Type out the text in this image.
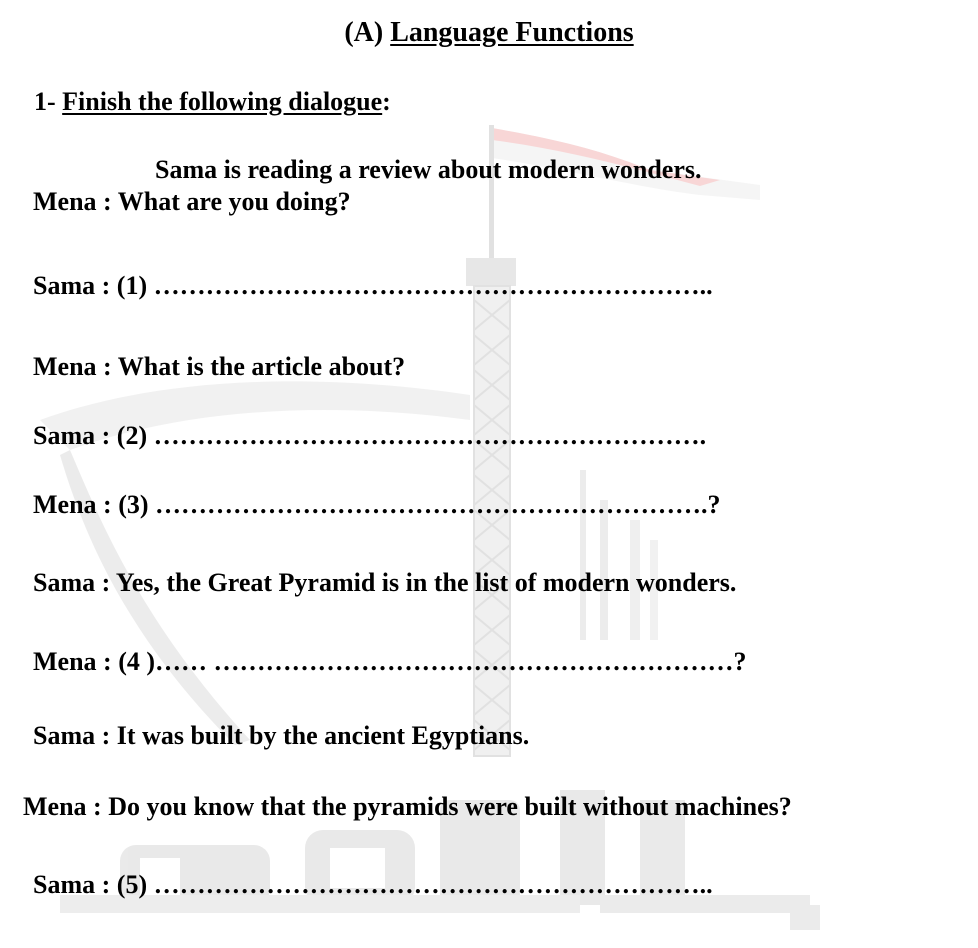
(A) Language Functions
1- Finish the following dialogue:
Sama is reading a review about modern wonders.
Mena : What are you doing?
Sama : (1) ………………………………………………………..
Mena : What is the article about?
Sama : (2) ……………………………………………………….
Mena : (3) ……………………………………………………….?
Sama : Yes, the Great Pyramid is in the list of modern wonders.
Mena : (4 )…… ……………………………………………………?
Sama : It was built by the ancient Egyptians.
Mena : Do you know that the pyramids were built without machines?
Sama : (5) ………………………………………………………..
